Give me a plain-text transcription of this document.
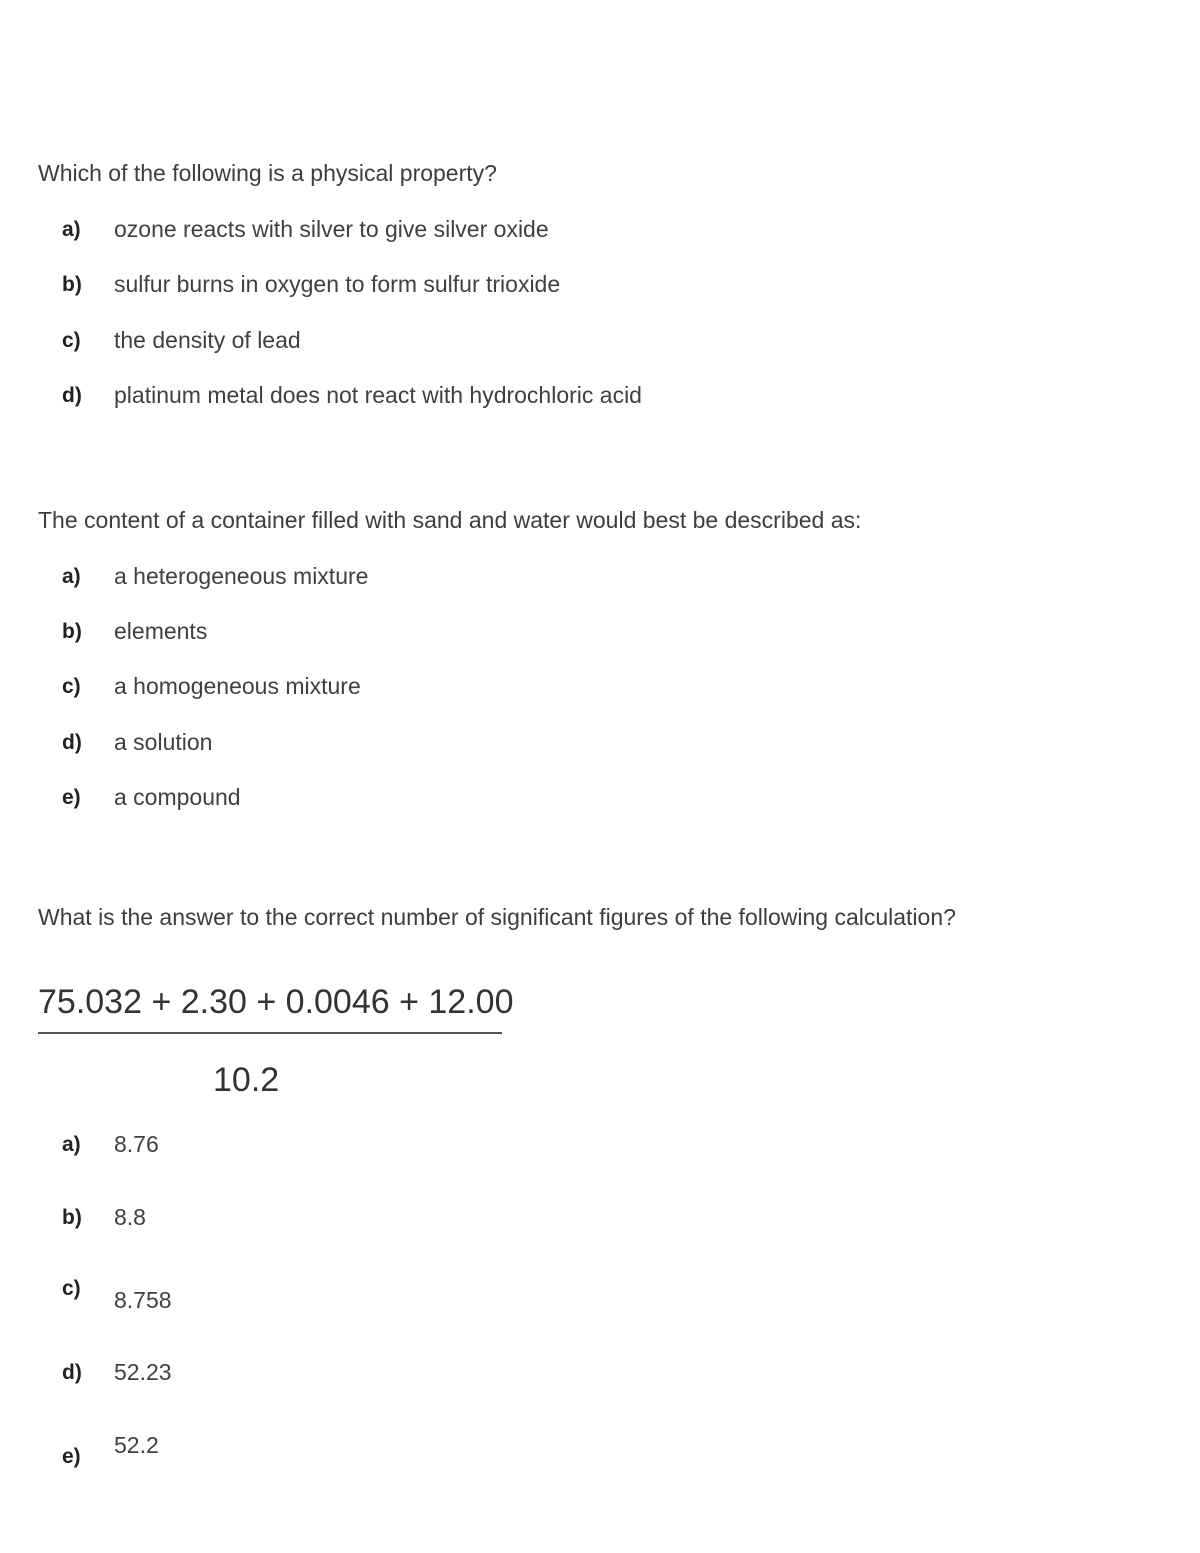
Which of the following is a physical property?
a) ozone reacts with silver to give silver oxide
b) sulfur burns in oxygen to form sulfur trioxide
c) the density of lead
d) platinum metal does not react with hydrochloric acid
The content of a container filled with sand and water would best be described as:
a) a heterogeneous mixture
b) elements
c) a homogeneous mixture
d) a solution
e) a compound
What is the answer to the correct number of significant figures of the following calculation?
75.032 + 2.30 + 0.0046 + 12.00
10.2
a) 8.76
b) 8.8
c) 8.758
d) 52.23
e) 52.2
